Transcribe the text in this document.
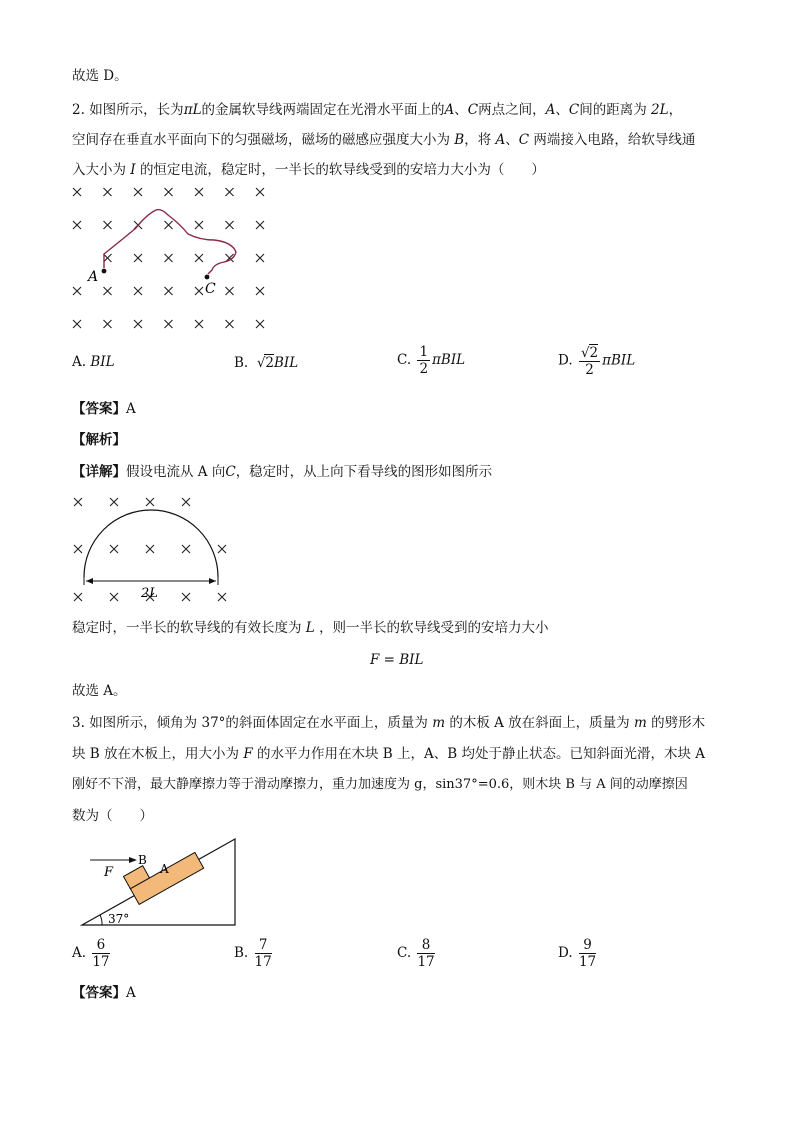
故选 D。
2. 如图所示，长为πL的金属软导线两端固定在光滑水平面上的A、C两点之间，A、C间的距离为 2L，
空间存在垂直水平面向下的匀强磁场，磁场的磁感应强度大小为 B，将 A、C 两端接入电路，给软导线通
入大小为 I 的恒定电流，稳定时，一半长的软导线受到的安培力大小为（　　）
A
C
A. BIL	B. √2BIL	C. $\frac{1}{2}$ πBIL	D. $\frac{√2}{2}$ πBIL
【答案】A
【解析】
【详解】假设电流从 A 向C，稳定时，从上向下看导线的图形如图所示
2L
稳定时，一半长的软导线的有效长度为 L ，则一半长的软导线受到的安培力大小
F = BIL
故选 A。
3. 如图所示，倾角为 37°的斜面体固定在水平面上，质量为 m 的木板 A 放在斜面上，质量为 m 的劈形木
块 B 放在木板上，用大小为 F 的水平力作用在木块 B 上，A、B 均处于静止状态。已知斜面光滑，木块 A
刚好不下滑，最大静摩擦力等于滑动摩擦力，重力加速度为 g，sin37°=0.6，则木块 B 与 A 间的动摩擦因
数为（　　）
F
B
A
37°
A. $\frac{6}{17}$	B. $\frac{7}{17}$	C. $\frac{8}{17}$	D. $\frac{9}{17}$
【答案】A
